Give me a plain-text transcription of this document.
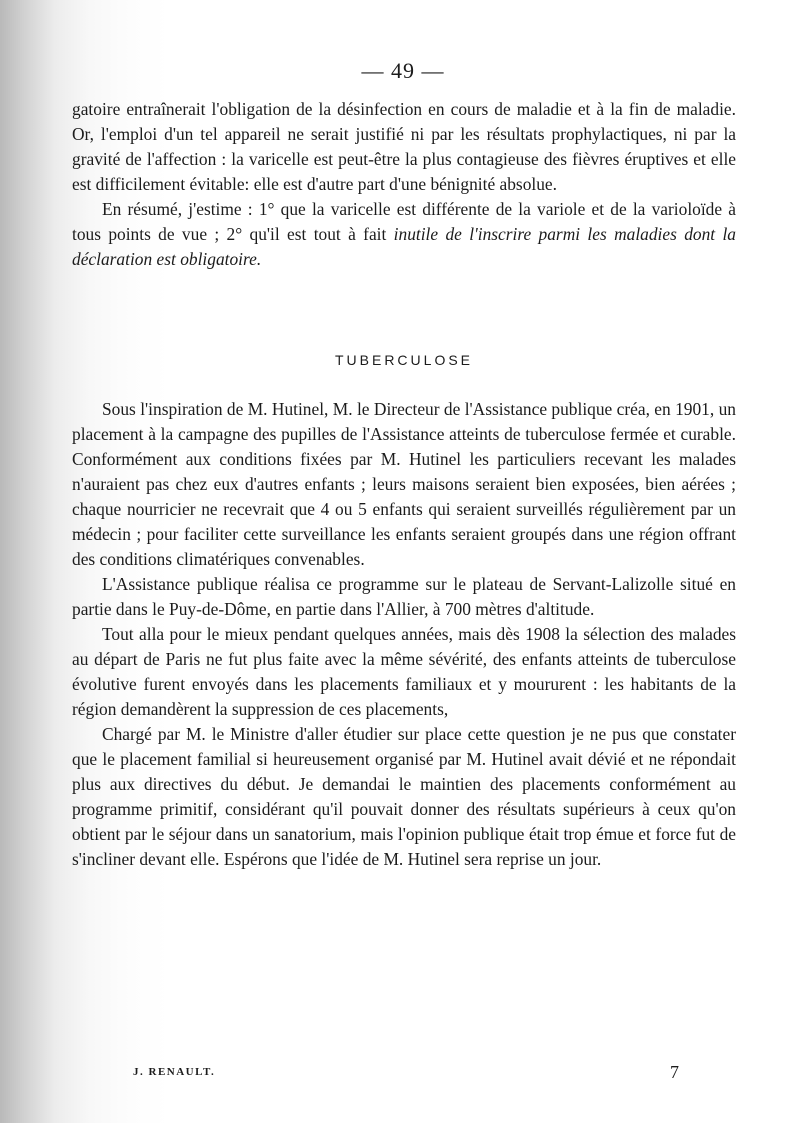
— 49 —

gatoire entraînerait l'obligation de la désinfection en cours de maladie et à la fin de maladie. Or, l'emploi d'un tel appareil ne serait justifié ni par les résultats prophylactiques, ni par la gravité de l'affection : la varicelle est peut-être la plus contagieuse des fièvres éruptives et elle est difficilement évitable: elle est d'autre part d'une bénignité absolue.

En résumé, j'estime : 1° que la varicelle est différente de la variole et de la varioloïde à tous points de vue ; 2° qu'il est tout à fait inutile de l'inscrire parmi les maladies dont la déclaration est obligatoire.

TUBERCULOSE

Sous l'inspiration de M. Hutinel, M. le Directeur de l'Assistance publique créa, en 1901, un placement à la campagne des pupilles de l'Assistance atteints de tuberculose fermée et curable. Conformément aux conditions fixées par M. Hutinel les particuliers recevant les malades n'auraient pas chez eux d'autres enfants ; leurs maisons seraient bien exposées, bien aérées ; chaque nourricier ne recevrait que 4 ou 5 enfants qui seraient surveillés régulièrement par un médecin ; pour faciliter cette surveillance les enfants seraient groupés dans une région offrant des conditions climatériques convenables.

L'Assistance publique réalisa ce programme sur le plateau de Servant-Lalizolle situé en partie dans le Puy-de-Dôme, en partie dans l'Allier, à 700 mètres d'altitude.

Tout alla pour le mieux pendant quelques années, mais dès 1908 la sélection des malades au départ de Paris ne fut plus faite avec la même sévérité, des enfants atteints de tuberculose évolutive furent envoyés dans les placements familiaux et y moururent : les habitants de la région demandèrent la suppression de ces placements,

Chargé par M. le Ministre d'aller étudier sur place cette question je ne pus que constater que le placement familial si heureusement organisé par M. Hutinel avait dévié et ne répondait plus aux directives du début. Je demandai le maintien des placements conformément au programme primitif, considérant qu'il pouvait donner des résultats supérieurs à ceux qu'on obtient par le séjour dans un sanatorium, mais l'opinion publique était trop émue et force fut de s'incliner devant elle. Espérons que l'idée de M. Hutinel sera reprise un jour.

J. RENAULT.	7
